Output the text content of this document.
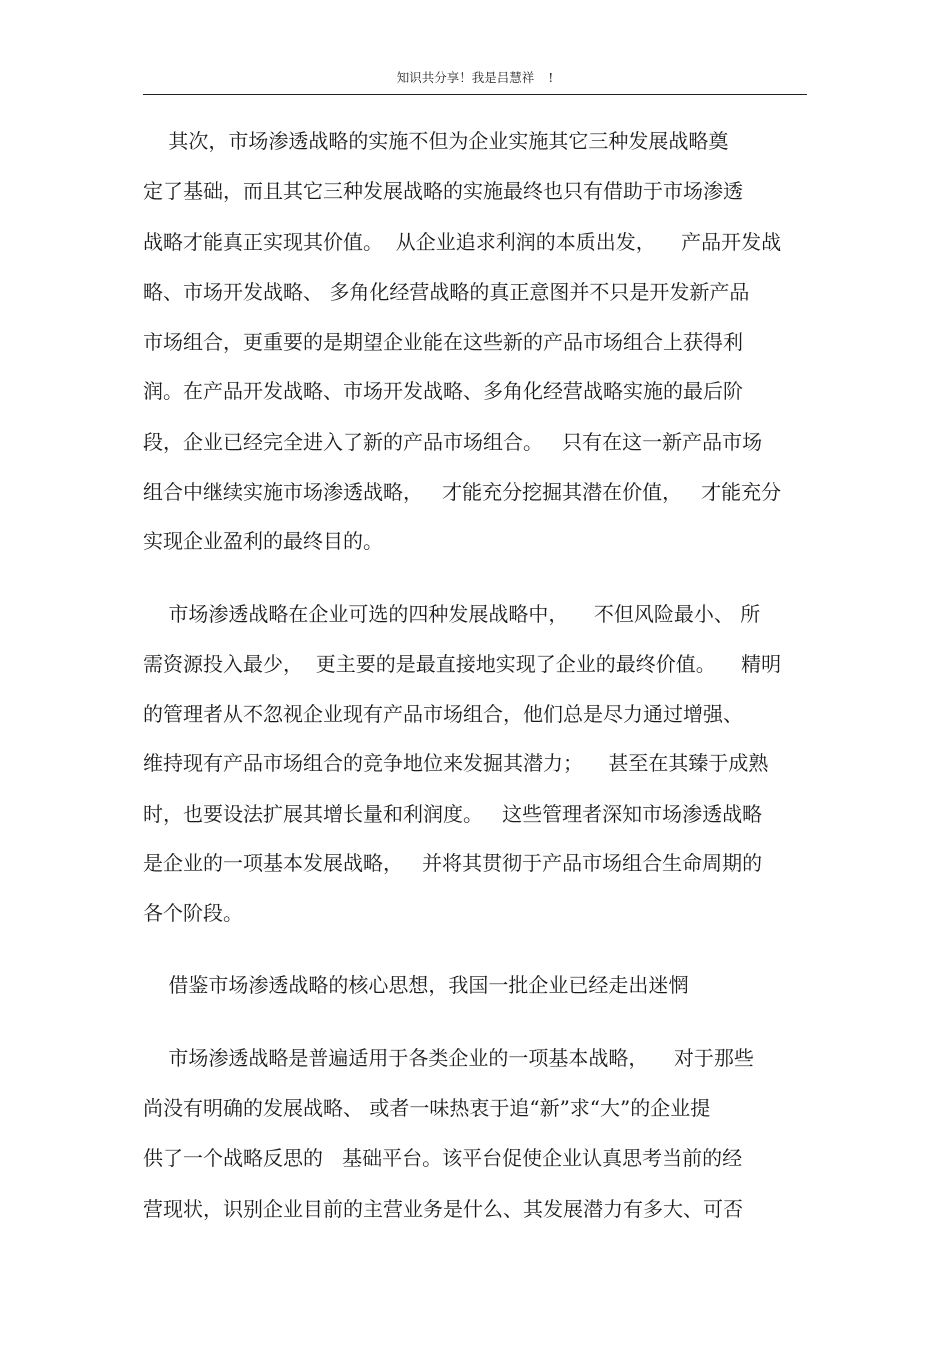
知识共分享！我是吕慧祥 !

其次，市场渗透战略的实施不但为企业实施其它三种发展战略奠

定了基础，而且其它三种发展战略的实施最终也只有借助于市场渗透

战略才能真正实现其价值。  从企业追求利润的本质出发，    产品开发战

略、市场开发战略、 多角化经营战略的真正意图并不只是开发新产品

市场组合，更重要的是期望企业能在这些新的产品市场组合上获得利

润。在产品开发战略、市场开发战略、多角化经营战略实施的最后阶

段，企业已经完全进入了新的产品市场组合。   只有在这一新产品市场

组合中继续实施市场渗透战略，   才能充分挖掘其潜在价值，   才能充分

实现企业盈利的最终目的。

市场渗透战略在企业可选的四种发展战略中，    不但风险最小、 所

需资源投入最少，  更主要的是最直接地实现了企业的最终价值。    精明

的管理者从不忽视企业现有产品市场组合，他们总是尽力通过增强、

维持现有产品市场组合的竞争地位来发掘其潜力；    甚至在其臻于成熟

时，也要设法扩展其增长量和利润度。   这些管理者深知市场渗透战略

是企业的一项基本发展战略，   并将其贯彻于产品市场组合生命周期的

各个阶段。

借鉴市场渗透战略的核心思想，我国一批企业已经走出迷惘

市场渗透战略是普遍适用于各类企业的一项基本战略，    对于那些

尚没有明确的发展战略、 或者一味热衷于追“新”求“大”的企业提

供了一个战略反思的   基础平台。该平台促使企业认真思考当前的经

营现状，识别企业目前的主营业务是什么、其发展潜力有多大、可否
